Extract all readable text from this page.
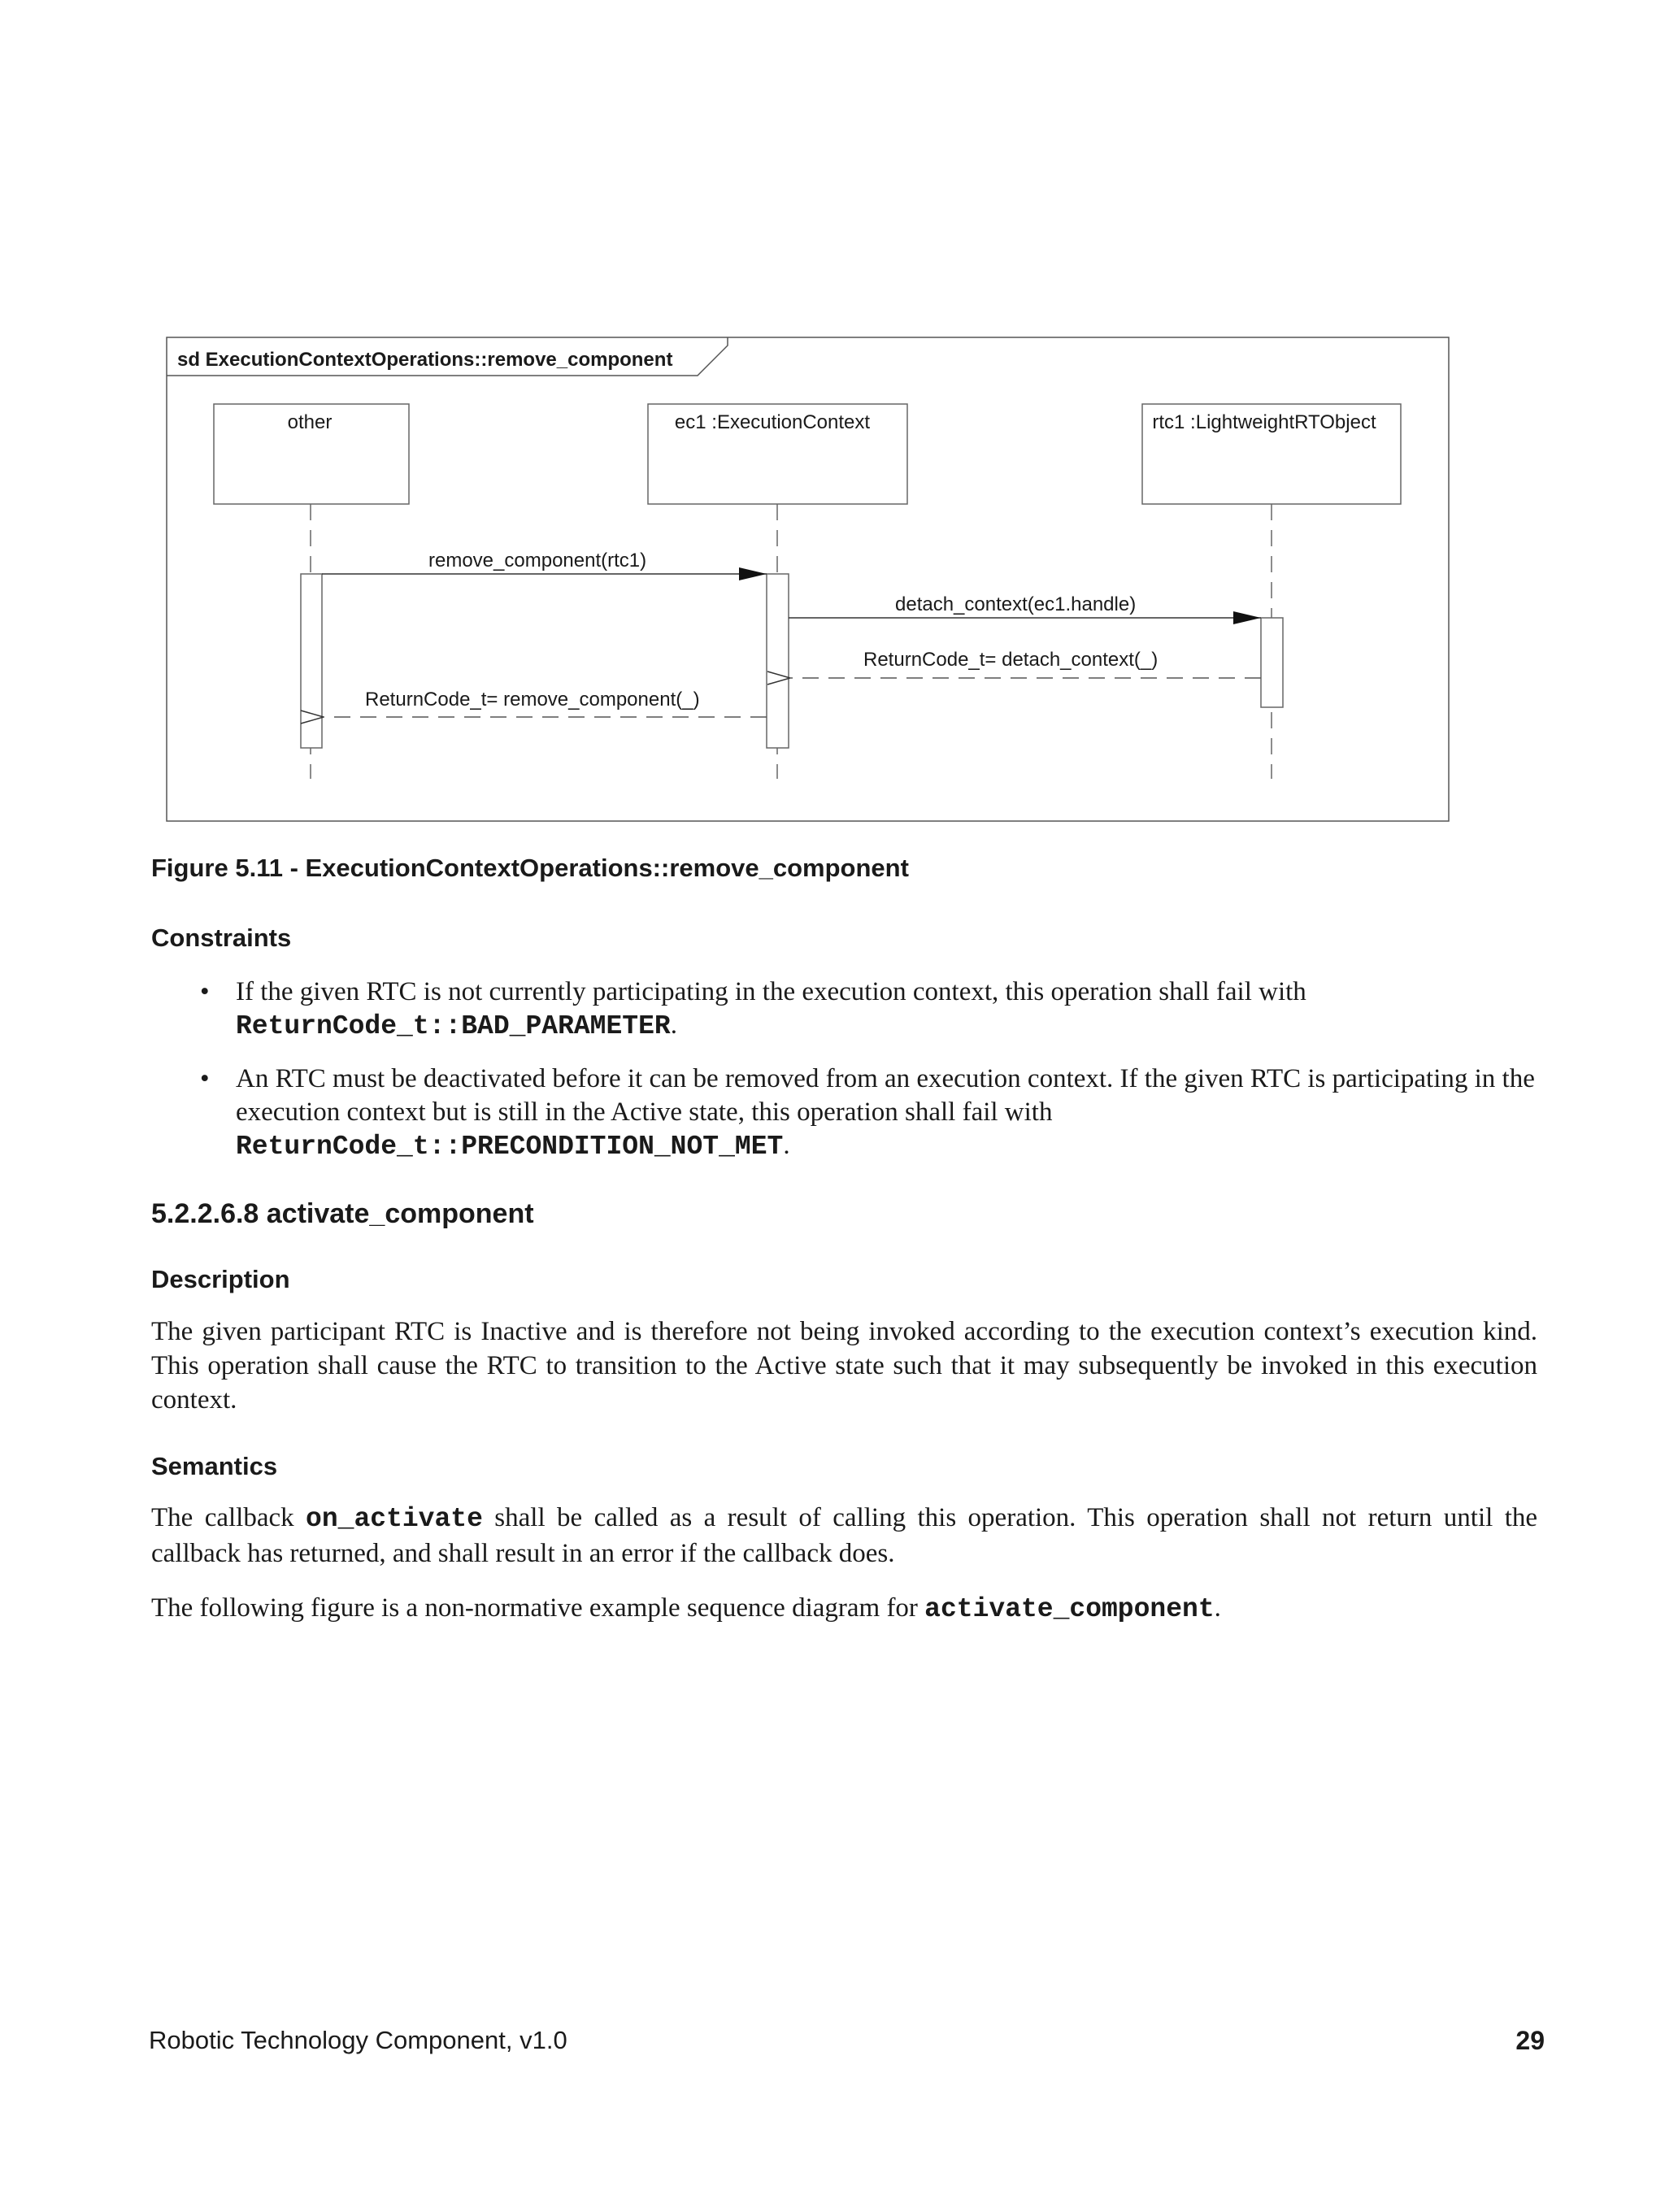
sd ExecutionContextOperations::remove_component
other	ec1 :ExecutionContext	rtc1 :LightweightRTObject
remove_component(rtc1)
detach_context(ec1.handle)
ReturnCode_t= detach_context(_)
ReturnCode_t= remove_component(_)

Figure 5.11 - ExecutionContextOperations::remove_component

Constraints

• If the given RTC is not currently participating in the execution context, this operation shall fail with
ReturnCode_t::BAD_PARAMETER.
• An RTC must be deactivated before it can be removed from an execution context. If the given RTC is participating in the execution context but is still in the Active state, this operation shall fail with
ReturnCode_t::PRECONDITION_NOT_MET.

5.2.2.6.8 activate_component

Description

The given participant RTC is Inactive and is therefore not being invoked according to the execution context’s execution kind. This operation shall cause the RTC to transition to the Active state such that it may subsequently be invoked in this execution context.

Semantics

The callback on_activate shall be called as a result of calling this operation. This operation shall not return until the callback has returned, and shall result in an error if the callback does.

The following figure is a non-normative example sequence diagram for activate_component.

Robotic Technology Component, v1.0	29
